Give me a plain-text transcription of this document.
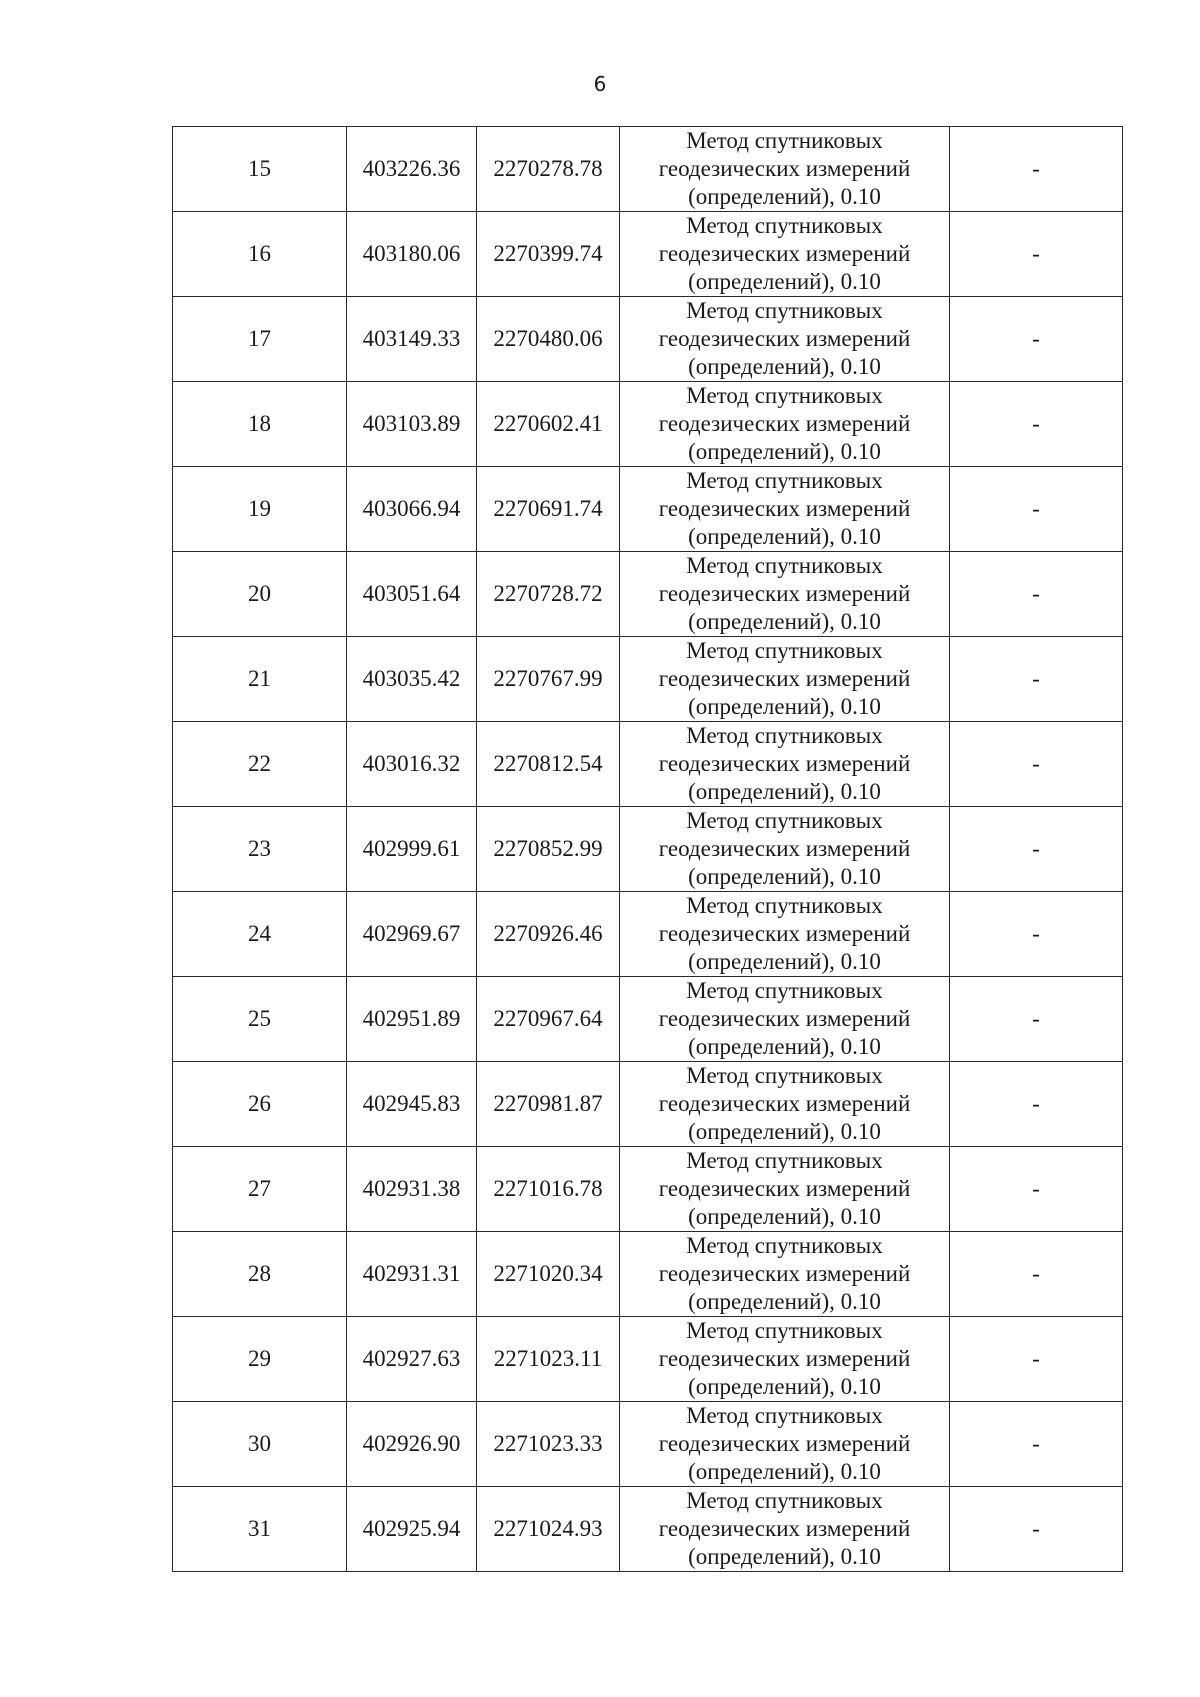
6
15	403226.36	2270278.78	Метод спутниковых
геодезических измерений
(определений), 0.10	-
16	403180.06	2270399.74	Метод спутниковых
геодезических измерений
(определений), 0.10	-
17	403149.33	2270480.06	Метод спутниковых
геодезических измерений
(определений), 0.10	-
18	403103.89	2270602.41	Метод спутниковых
геодезических измерений
(определений), 0.10	-
19	403066.94	2270691.74	Метод спутниковых
геодезических измерений
(определений), 0.10	-
20	403051.64	2270728.72	Метод спутниковых
геодезических измерений
(определений), 0.10	-
21	403035.42	2270767.99	Метод спутниковых
геодезических измерений
(определений), 0.10	-
22	403016.32	2270812.54	Метод спутниковых
геодезических измерений
(определений), 0.10	-
23	402999.61	2270852.99	Метод спутниковых
геодезических измерений
(определений), 0.10	-
24	402969.67	2270926.46	Метод спутниковых
геодезических измерений
(определений), 0.10	-
25	402951.89	2270967.64	Метод спутниковых
геодезических измерений
(определений), 0.10	-
26	402945.83	2270981.87	Метод спутниковых
геодезических измерений
(определений), 0.10	-
27	402931.38	2271016.78	Метод спутниковых
геодезических измерений
(определений), 0.10	-
28	402931.31	2271020.34	Метод спутниковых
геодезических измерений
(определений), 0.10	-
29	402927.63	2271023.11	Метод спутниковых
геодезических измерений
(определений), 0.10	-
30	402926.90	2271023.33	Метод спутниковых
геодезических измерений
(определений), 0.10	-
31	402925.94	2271024.93	Метод спутниковых
геодезических измерений
(определений), 0.10	-
